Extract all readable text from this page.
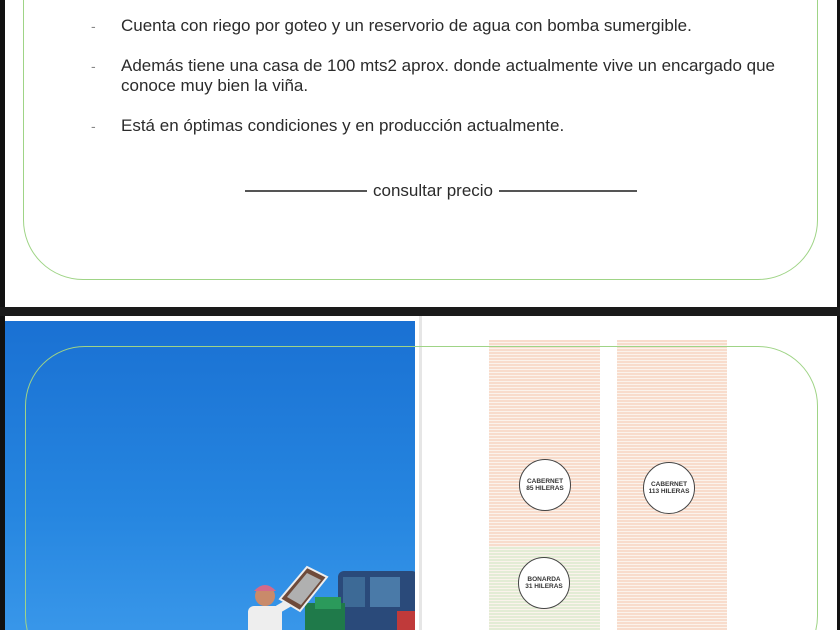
- Cuenta con riego por goteo y un reservorio de agua con bomba sumergible.
- Además tiene una casa de 100 mts2 aprox. donde actualmente vive un encargado que conoce muy bien la viña.
- Está en óptimas condiciones y en producción actualmente.
consultar precio
CABERNET
85 HILERAS
BONARDA
31 HILERAS
CABERNET
113 HILERAS
